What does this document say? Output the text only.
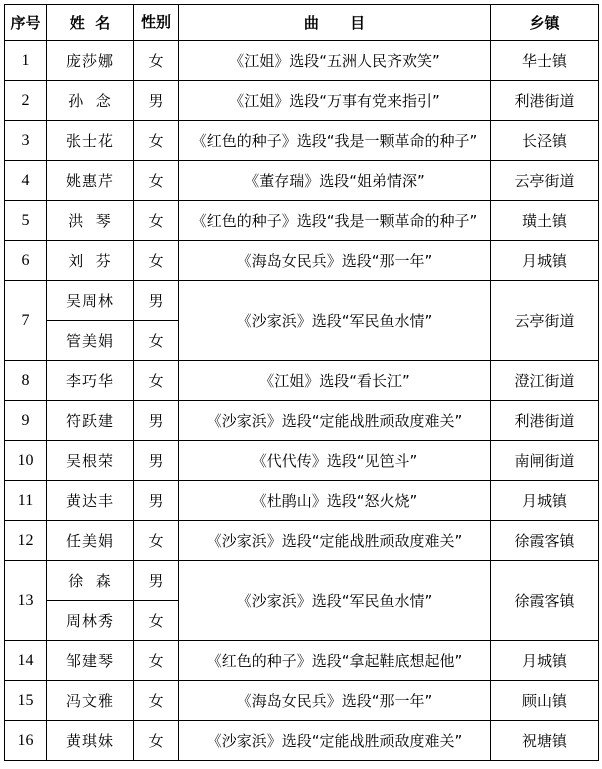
序号	姓  名	性别	曲      目	乡镇
1	庞莎娜	女	《江姐》选段“五洲人民齐欢笑”	华士镇
2	孙  念	男	《江姐》选段“万事有党来指引”	利港街道
3	张士花	女	《红色的种子》选段“我是一颗革命的种子”	长泾镇
4	姚惠芹	女	《董存瑞》选段“姐弟情深”	云亭街道
5	洪  琴	女	《红色的种子》选段“我是一颗革命的种子”	璜土镇
6	刘  芬	女	《海岛女民兵》选段“那一年”	月城镇
7	吴周林	男	《沙家浜》选段“军民鱼水情”	云亭街道
	管美娟	女		
8	李巧华	女	《江姐》选段“看长江”	澄江街道
9	符跃建	男	《沙家浜》选段“定能战胜顽敌度难关”	利港街道
10	吴根荣	男	《代代传》选段“见笆斗”	南闸街道
11	黄达丰	男	《杜鹃山》选段“怒火烧”	月城镇
12	任美娟	女	《沙家浜》选段“定能战胜顽敌度难关”	徐霞客镇
13	徐  森	男	《沙家浜》选段“军民鱼水情”	徐霞客镇
	周林秀	女		
14	邹建琴	女	《红色的种子》选段“拿起鞋底想起他”	月城镇
15	冯文雅	女	《海岛女民兵》选段“那一年”	顾山镇
16	黄琪妹	女	《沙家浜》选段“定能战胜顽敌度难关”	祝塘镇
